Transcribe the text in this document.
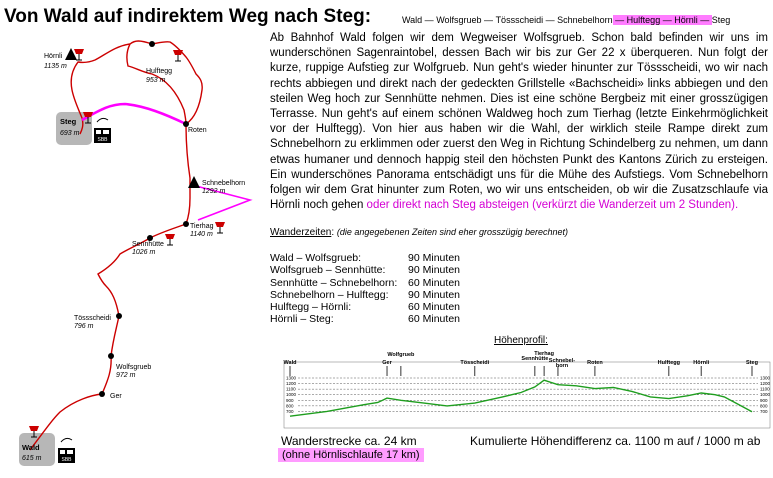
Von Wald auf indirektem Weg nach Steg:	Wald — Wolfsgrueb — Tössscheidi — Schnebelhorn — Hulftegg — Hörnli — Steg
Ab Bahnhof Wald folgen wir dem Wegweiser Wolfsgrueb. Schon bald befinden wir uns im wunderschönen Sagenraintobel, dessen Bach wir bis zur Ger 22 x überqueren. Nun folgt der kurze, ruppige Aufstieg zur Wolfgrueb. Nun geht's wieder hinunter zur Tössscheidi, wo wir nach rechts abbiegen und direkt nach der gedeckten Grillstelle «Bachscheidi» links abbiegen und den steilen Weg hoch zur Sennhütte nehmen. Dies ist eine schöne Bergbeiz mit einer grosszügigen Terrasse. Nun geht's auf einem schönen Waldweg hoch zum Tierhag (letzte Einkehrmöglichkeit vor der Hulftegg). Von hier aus haben wir die Wahl, der wirklich steile Rampe direkt zum Schnebelhorn zu erklimmen oder zuerst den Weg in Richtung Schindelberg zu nehmen, um dann etwas humaner und dennoch happig steil den höchsten Punkt des Kantons Zürich zu ersteigen. Ein wunderschönes Panorama entschädigt uns für die Mühe des Aufstiegs. Vom Schnebelhorn folgen wir dem Grat hinunter zum Roten, wo wir uns entscheiden, ob wir die Zusatzschlaufe via Hörnli noch gehen oder direkt nach Steg absteigen (verkürzt die Wanderzeit um 2 Stunden).
Wanderzeiten: (die angegebenen Zeiten sind eher grosszügig berechnet)
Wald – Wolfsgrueb:	90 Minuten
Wolfsgrueb – Sennhütte:	90 Minuten
Sennhütte – Schnebelhorn:	60 Minuten
Schnebelhorn – Hulftegg:	90 Minuten
Hulftegg – Hörnli:	60 Minuten
Hörnli – Steg:	60 Minuten
Höhenprofil:
Wanderstrecke ca. 24 km
(ohne Hörnlischlaufe 17 km)
Kumulierte Höhendifferenz ca. 1100 m auf / 1000 m ab
SBB
SBB
Hörnli
1135 m
Hulftegg
953 m
Steg
693 m	Roten
Schnebelhorn
1292 m
Tierhag
1140 m
Sennhütte
1026 m
Tössscheidi
796 m
Wolfsgrueb
972 m
Ger
Wald
615 m
700	700
800	800
900	900
1000	1000
1100	1100
1200	1200
1300	1300
Wald	Ger
Wolfgrueb
Tösscheidi
Sennhütte
Tierhag
Schnebel-horn	Roten	Hulftegg Hörnli	Steg
